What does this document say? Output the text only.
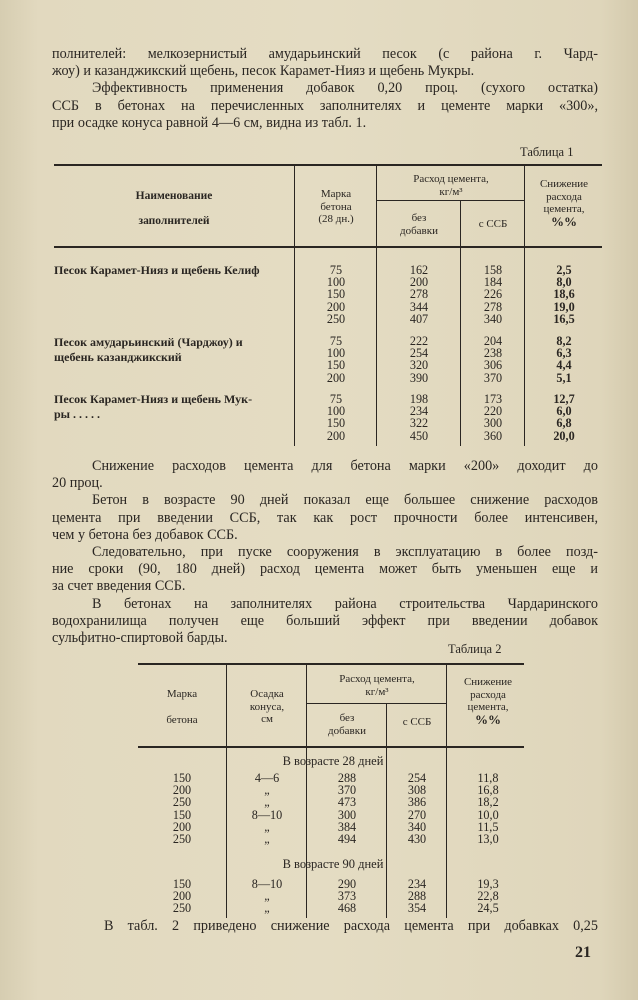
полнителей: мелкозернистый амударьинский песок (с района г. Чард-
жоу) и казанджикский щебень, песок Карамет-Нияз и щебень Мукры.
Эффективность применения добавок 0,20 проц. (сухого остатка)
ССБ в бетонах на перечисленных заполнителях и цементе марки «300»,
при осадке конуса равной 4—6 см, видна из табл. 1.
Таблица 1
Наименование
заполнителей
Марка
бетона
(28 дн.)
Расход цемента,
кг/м³
без
добавки
с ССБ
Снижение
расхода
цемента,
%%
Песок Карамет-Нияз и щебень Келиф	75
100
150
200
250
162
200
278
344
407
158
184
226
278
340
2,5
8,0
18,6
19,0
16,5
Песок амударьинский (Чарджоу) и
щебень казанджикский
75
100
150
200
222
254
320
390
204
238
306
370
8,2
6,3
4,4
5,1
Песок Карамет-Нияз и щебень Мук-
ры . . . . .
75
100
150
200
198
234
322
450
173
220
300
360
12,7
6,0
6,8
20,0
Снижение расходов цемента для бетона марки «200» доходит до
20 проц.
Бетон в возрасте 90 дней показал еще большее снижение расходов
цемента при введении ССБ, так как рост прочности более интенсивен,
чем у бетона без добавок ССБ.
Следовательно, при пуске сооружения в эксплуатацию в более позд-
ние сроки (90, 180 дней) расход цемента может быть уменьшен еще и
за счет введения ССБ.
В бетонах на заполнителях района строительства Чардаринского
водохранилища получен еще больший эффект при введении добавок
сульфитно-спиртовой барды.
Таблица 2
Марка
бетона
Осадка
конуса,
см
Расход цемента,
кг/м³
без
добавки
с ССБ
Снижение
расхода
цемента,
%%
В возрасте 28 дней
150
200
250
150
200
250
4—6
„
„
8—10
„
„
288
370
473
300
384
494
254
308
386
270
340
430
11,8
16,8
18,2
10,0
11,5
13,0
В возрасте 90 дней
150
200
250
8—10
„
„
290
373
468
234
288
354
19,3
22,8
24,5
В табл. 2 приведено снижение расхода цемента при добавках 0,25
21
